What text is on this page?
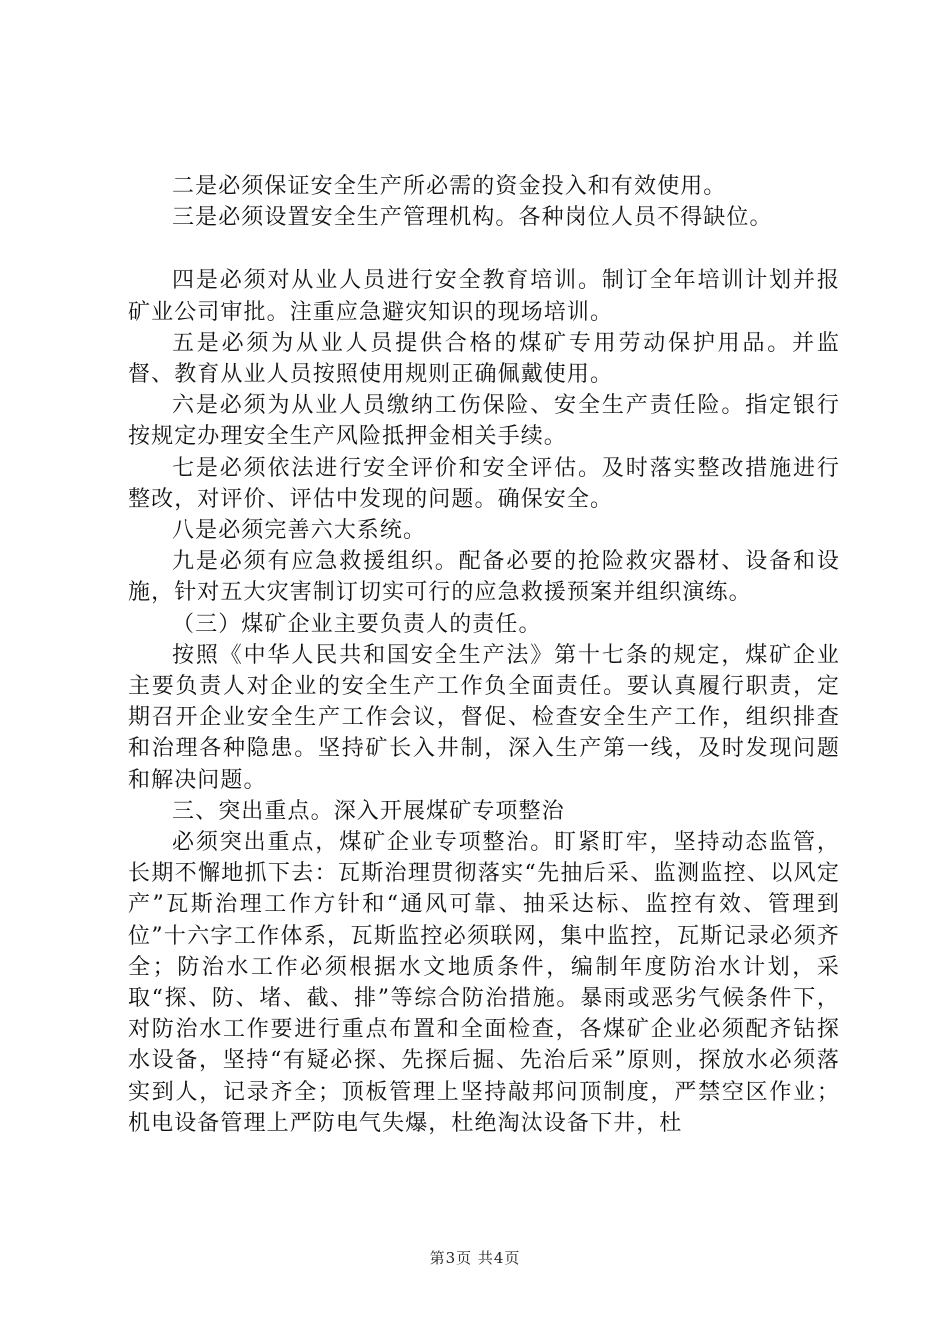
二是必须保证安全生产所必需的资金投入和有效使用。

三是必须设置安全生产管理机构。各种岗位人员不得缺位。

四是必须对从业人员进行安全教育培训。制订全年培训计划并报矿业公司审批。注重应急避灾知识的现场培训。

五是必须为从业人员提供合格的煤矿专用劳动保护用品。并监督、教育从业人员按照使用规则正确佩戴使用。

六是必须为从业人员缴纳工伤保险、安全生产责任险。指定银行按规定办理安全生产风险抵押金相关手续。

七是必须依法进行安全评价和安全评估。及时落实整改措施进行整改，对评价、评估中发现的问题。确保安全。

八是必须完善六大系统。

九是必须有应急救援组织。配备必要的抢险救灾器材、设备和设施，针对五大灾害制订切实可行的应急救援预案并组织演练。

（三）煤矿企业主要负责人的责任。

按照《中华人民共和国安全生产法》第十七条的规定，煤矿企业主要负责人对企业的安全生产工作负全面责任。要认真履行职责，定期召开企业安全生产工作会议，督促、检查安全生产工作，组织排查和治理各种隐患。坚持矿长入井制，深入生产第一线，及时发现问题和解决问题。

三、突出重点。深入开展煤矿专项整治

必须突出重点，煤矿企业专项整治。盯紧盯牢，坚持动态监管，长期不懈地抓下去：瓦斯治理贯彻落实“先抽后采、监测监控、以风定产”瓦斯治理工作方针和“通风可靠、抽采达标、监控有效、管理到位”十六字工作体系，瓦斯监控必须联网，集中监控，瓦斯记录必须齐全；防治水工作必须根据水文地质条件，编制年度防治水计划，采取“探、防、堵、截、排”等综合防治措施。暴雨或恶劣气候条件下，对防治水工作要进行重点布置和全面检查，各煤矿企业必须配齐钻探水设备，坚持“有疑必探、先探后掘、先治后采”原则，探放水必须落实到人，记录齐全；顶板管理上坚持敲邦问顶制度，严禁空区作业；机电设备管理上严防电气失爆，杜绝淘汰设备下井，杜

第3页 共4页
